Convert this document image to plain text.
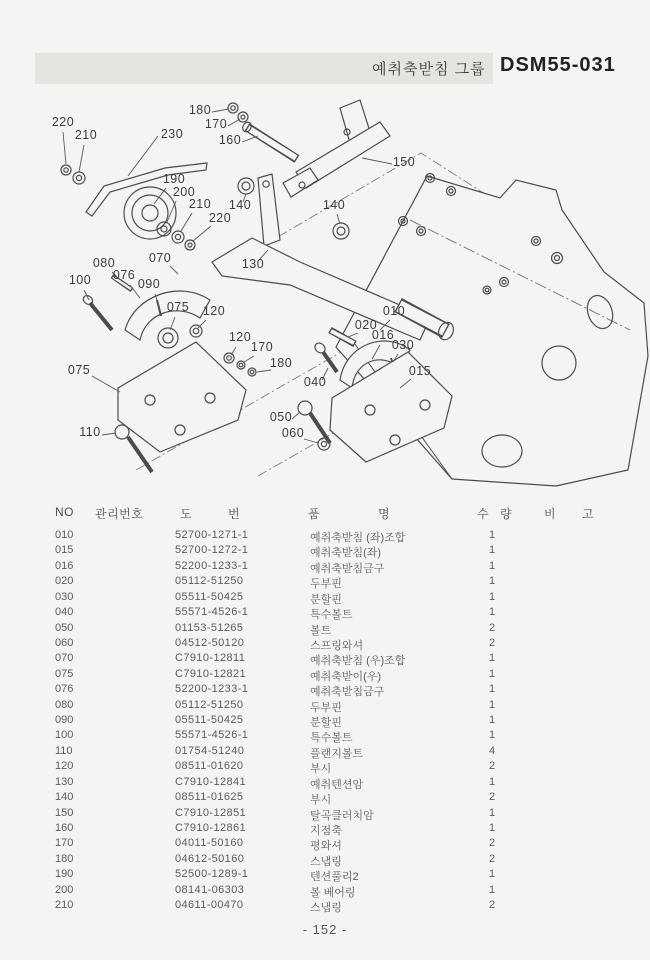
예취축받침 그룹 DSM55-031
220
210	230
180
170
160
150
190
200
210
220
140	140
130
080	070
100 076
090
075 120
120
170
180
075
110
050
060
010
020
016
030
015
040
NO 관리번호	도	번	품	명	수 량	비 고
010	52700-1271-1	예취축받침 (좌)조합	1
015	52700-1272-1	예취축받침(좌)	1
016	52200-1233-1	예취축받침금구	1
020	05112-51250	두부핀	1
030	05511-50425	분할핀	1
040	55571-4526-1	특수볼트	1
050	01153-51265	볼트	2
060	04512-50120	스프링와셔	2
070	C7910-12811	예취축받침 (우)조합	1
075	C7910-12821	예취축받이(우)	1
076	52200-1233-1	예취축받침금구	1
080	05112-51250	두부핀	1
090	05511-50425	분할핀	1
100	55571-4526-1	특수볼트	1
110	01754-51240	플랜지볼트	4
120	08511-01620	부시	2
130	C7910-12841	예취텐션암	1
140	08511-01625	부시	2
150	C7910-12851	탈곡클러치암	1
160	C7910-12861	지점축	1
170	04011-50160	평와셔	2
180	04612-50160	스냅링	2
190	52500-1289-1	텐션풀리2	1
200	08141-06303	볼 베어링	1
210	04611-00470	스냅링	2
- 152 -
